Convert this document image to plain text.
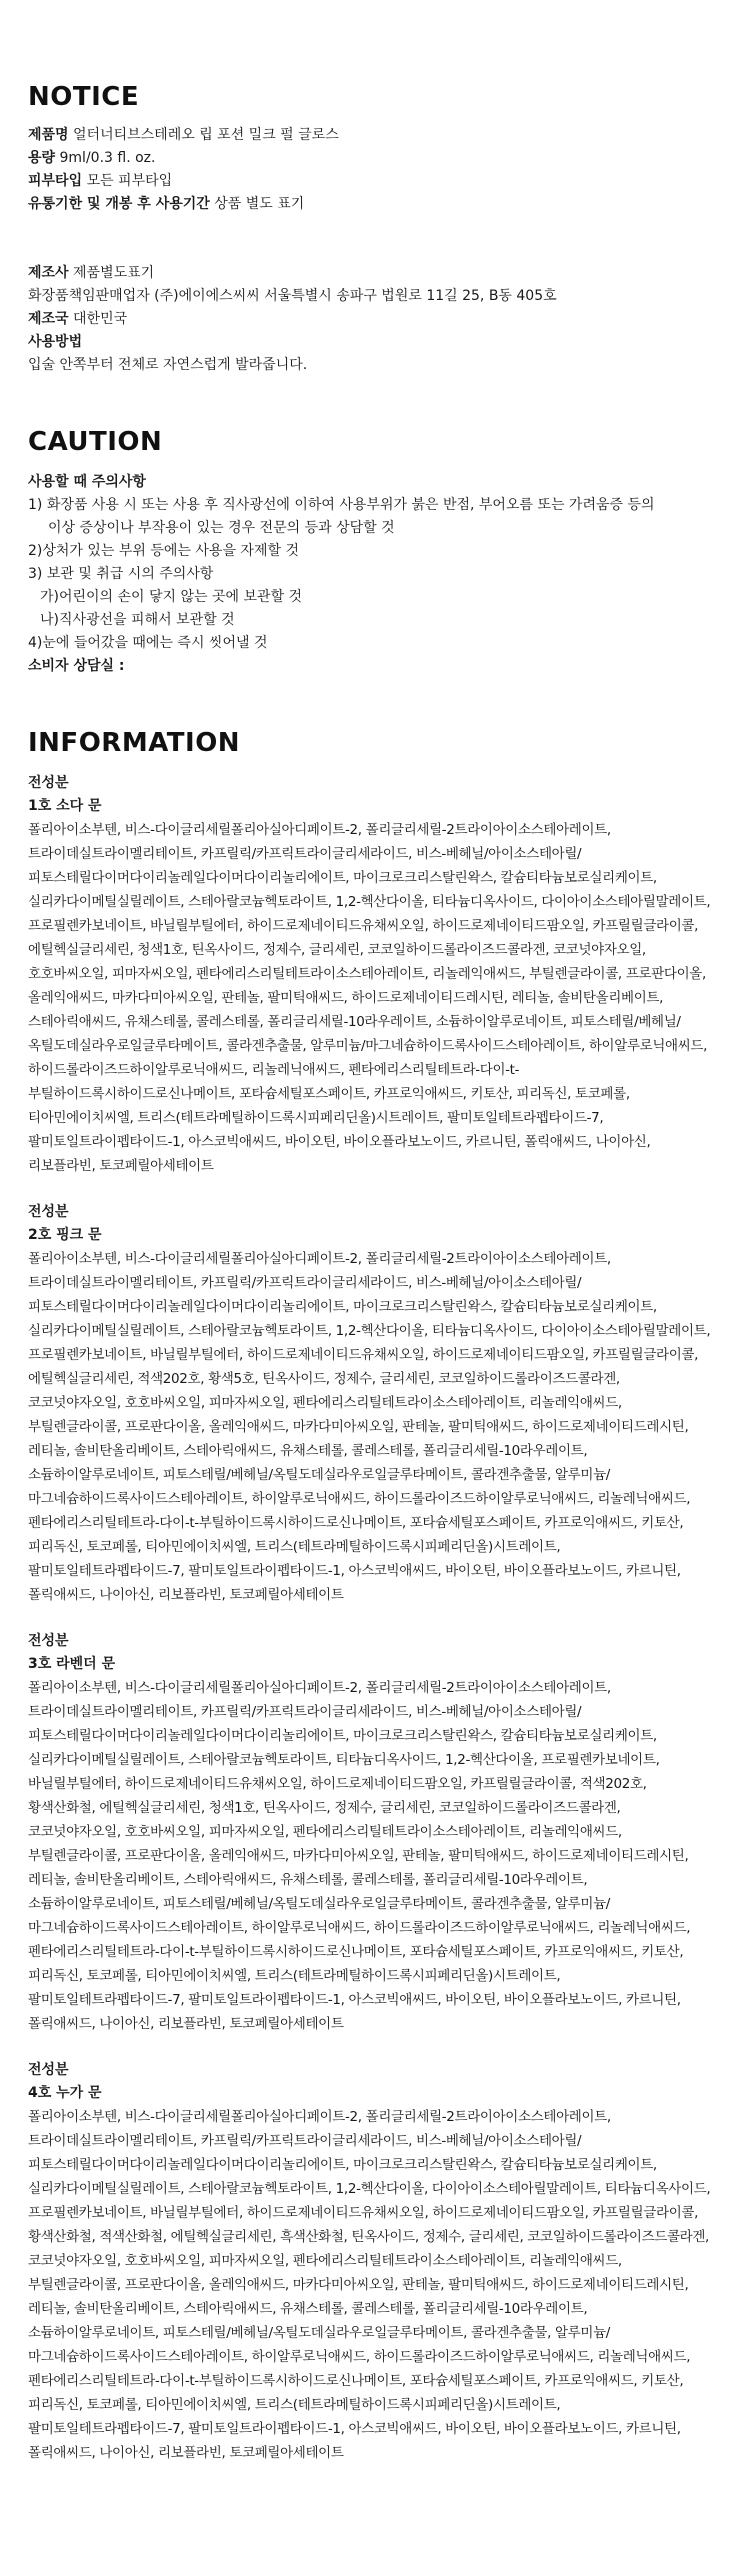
NOTICE
제품명 얼터너티브스테레오 립 포션 밀크 펄 글로스
용량 9ml/0.3 fl. oz.
피부타입 모든 피부타입
유통기한 및 개봉 후 사용기간 상품 별도 표기
제조사 제품별도표기
화장품책임판매업자 (주)에이에스씨씨 서울특별시 송파구 법원로 11길 25, B동 405호
제조국 대한민국
사용방법
입술 안쪽부터 전체로 자연스럽게 발라줍니다.
CAUTION
사용할 때 주의사항
1) 화장품 사용 시 또는 사용 후 직사광선에 이하여 사용부위가 붉은 반점, 부어오름 또는 가려움증 등의
이상 증상이나 부작용이 있는 경우 전문의 등과 상담할 것
2)상처가 있는 부위 등에는 사용을 자제할 것
3) 보관 및 취급 시의 주의사항
가)어린이의 손이 닿지 않는 곳에 보관할 것
나)직사광선을 피해서 보관할 것
4)눈에 들어갔을 때에는 즉시 씻어낼 것
소비자 상담실 :
INFORMATION
전성분
1호 소다 문
폴리아이소부텐, 비스-다이글리세릴폴리아실아디페이트-2, 폴리글리세릴-2트라이아이소스테아레이트, 트라이데실트라이멜리테이트, 카프릴릭/카프릭트라이글리세라이드, 비스-베헤닐/아이소스테아릴/피토스테릴다이머다이리놀레일다이머다이리놀리에이트, 마이크로크리스탈린왁스, 칼슘티타늄보로실리케이트, 실리카다이메틸실릴레이트, 스테아랄코늄헥토라이트, 1,2-헥산다이올, 티타늄디옥사이드, 다이아이소스테아릴말레이트, 프로필렌카보네이트, 바닐릴부틸에터, 하이드로제네이티드유채씨오일, 하이드로제네이티드팜오일, 카프릴릴글라이콜, 에틸헥실글리세린, 청색1호, 틴옥사이드, 정제수, 글리세린, 코코일하이드롤라이즈드콜라겐, 코코넛야자오일, 호호바씨오일, 피마자씨오일, 펜타에리스리틸테트라이소스테아레이트, 리놀레익애씨드, 부틸렌글라이콜, 프로판다이올, 올레익애씨드, 마카다미아씨오일, 판테놀, 팔미틱애씨드, 하이드로제네이티드레시틴, 레티놀, 솔비탄올리베이트, 스테아릭애씨드, 유채스테롤, 콜레스테롤, 폴리글리세릴-10라우레이트, 소듐하이알루로네이트, 피토스테릴/베헤닐/옥틸도데실라우로일글루타메이트, 콜라겐추출물, 알루미늄/마그네슘하이드록사이드스테아레이트, 하이알루로닉애씨드, 하이드롤라이즈드하이알루로닉애씨드, 리놀레닉애씨드, 펜타에리스리틸테트라-다이-t-부틸하이드록시하이드로신나메이트, 포타슘세틸포스페이트, 카프로익애씨드, 키토산, 피리독신, 토코페롤, 티아민에이치씨엘, 트리스(테트라메틸하이드록시피페리딘올)시트레이트, 팔미토일테트라펩타이드-7, 팔미토일트라이펩타이드-1, 아스코빅애씨드, 바이오틴, 바이오플라보노이드, 카르니틴, 폴릭애씨드, 나이아신, 리보플라빈, 토코페릴아세테이트
전성분
2호 핑크 문
폴리아이소부텐, 비스-다이글리세릴폴리아실아디페이트-2, 폴리글리세릴-2트라이아이소스테아레이트, 트라이데실트라이멜리테이트, 카프릴릭/카프릭트라이글리세라이드, 비스-베헤닐/아이소스테아릴/피토스테릴다이머다이리놀레일다이머다이리놀리에이트, 마이크로크리스탈린왁스, 칼슘티타늄보로실리케이트, 실리카다이메틸실릴레이트, 스테아랄코늄헥토라이트, 1,2-헥산다이올, 티타늄디옥사이드, 다이아이소스테아릴말레이트, 프로필렌카보네이트, 바닐릴부틸에터, 하이드로제네이티드유채씨오일, 하이드로제네이티드팜오일, 카프릴릴글라이콜, 에틸헥실글리세린, 적색202호, 황색5호, 틴옥사이드, 정제수, 글리세린, 코코일하이드롤라이즈드콜라겐, 코코넛야자오일, 호호바씨오일, 피마자씨오일, 펜타에리스리틸테트라이소스테아레이트, 리놀레익애씨드, 부틸렌글라이콜, 프로판다이올, 올레익애씨드, 마카다미아씨오일, 판테놀, 팔미틱애씨드, 하이드로제네이티드레시틴, 레티놀, 솔비탄올리베이트, 스테아릭애씨드, 유채스테롤, 콜레스테롤, 폴리글리세릴-10라우레이트, 소듐하이알루로네이트, 피토스테릴/베헤닐/옥틸도데실라우로일글루타메이트, 콜라겐추출물, 알루미늄/마그네슘하이드록사이드스테아레이트, 하이알루로닉애씨드, 하이드롤라이즈드하이알루로닉애씨드, 리놀레닉애씨드, 펜타에리스리틸테트라-다이-t-부틸하이드록시하이드로신나메이트, 포타슘세틸포스페이트, 카프로익애씨드, 키토산, 피리독신, 토코페롤, 티아민에이치씨엘, 트리스(테트라메틸하이드록시피페리딘올)시트레이트, 팔미토일테트라펩타이드-7, 팔미토일트라이펩타이드-1, 아스코빅애씨드, 바이오틴, 바이오플라보노이드, 카르니틴, 폴릭애씨드, 나이아신, 리보플라빈, 토코페릴아세테이트
전성분
3호 라벤더 문
폴리아이소부텐, 비스-다이글리세릴폴리아실아디페이트-2, 폴리글리세릴-2트라이아이소스테아레이트, 트라이데실트라이멜리테이트, 카프릴릭/카프릭트라이글리세라이드, 비스-베헤닐/아이소스테아릴/피토스테릴다이머다이리놀레일다이머다이리놀리에이트, 마이크로크리스탈린왁스, 칼슘티타늄보로실리케이트, 실리카다이메틸실릴레이트, 스테아랄코늄헥토라이트, 티타늄디옥사이드, 1,2-헥산다이올, 프로필렌카보네이트, 바닐릴부틸에터, 하이드로제네이티드유채씨오일, 하이드로제네이티드팜오일, 카프릴릴글라이콜, 적색202호, 황색산화철, 에틸헥실글리세린, 청색1호, 틴옥사이드, 정제수, 글리세린, 코코일하이드롤라이즈드콜라겐, 코코넛야자오일, 호호바씨오일, 피마자씨오일, 펜타에리스리틸테트라이소스테아레이트, 리놀레익애씨드, 부틸렌글라이콜, 프로판다이올, 올레익애씨드, 마카다미아씨오일, 판테놀, 팔미틱애씨드, 하이드로제네이티드레시틴, 레티놀, 솔비탄올리베이트, 스테아릭애씨드, 유채스테롤, 콜레스테롤, 폴리글리세릴-10라우레이트, 소듐하이알루로네이트, 피토스테릴/베헤닐/옥틸도데실라우로일글루타메이트, 콜라겐추출물, 알루미늄/마그네슘하이드록사이드스테아레이트, 하이알루로닉애씨드, 하이드롤라이즈드하이알루로닉애씨드, 리놀레닉애씨드, 펜타에리스리틸테트라-다이-t-부틸하이드록시하이드로신나메이트, 포타슘세틸포스페이트, 카프로익애씨드, 키토산, 피리독신, 토코페롤, 티아민에이치씨엘, 트리스(테트라메틸하이드록시피페리딘올)시트레이트, 팔미토일테트라펩타이드-7, 팔미토일트라이펩타이드-1, 아스코빅애씨드, 바이오틴, 바이오플라보노이드, 카르니틴, 폴릭애씨드, 나이아신, 리보플라빈, 토코페릴아세테이트
전성분
4호 누가 문
폴리아이소부텐, 비스-다이글리세릴폴리아실아디페이트-2, 폴리글리세릴-2트라이아이소스테아레이트, 트라이데실트라이멜리테이트, 카프릴릭/카프릭트라이글리세라이드, 비스-베헤닐/아이소스테아릴/피토스테릴다이머다이리놀레일다이머다이리놀리에이트, 마이크로크리스탈린왁스, 칼슘티타늄보로실리케이트, 실리카다이메틸실릴레이트, 스테아랄코늄헥토라이트, 1,2-헥산다이올, 다이아이소스테아릴말레이트, 티타늄디옥사이드, 프로필렌카보네이트, 바닐릴부틸에터, 하이드로제네이티드유채씨오일, 하이드로제네이티드팜오일, 카프릴릴글라이콜, 황색산화철, 적색산화철, 에틸헥실글리세린, 흑색산화철, 틴옥사이드, 정제수, 글리세린, 코코일하이드롤라이즈드콜라겐, 코코넛야자오일, 호호바씨오일, 피마자씨오일, 펜타에리스리틸테트라이소스테아레이트, 리놀레익애씨드, 부틸렌글라이콜, 프로판다이올, 올레익애씨드, 마카다미아씨오일, 판테놀, 팔미틱애씨드, 하이드로제네이티드레시틴, 레티놀, 솔비탄올리베이트, 스테아릭애씨드, 유채스테롤, 콜레스테롤, 폴리글리세릴-10라우레이트, 소듐하이알루로네이트, 피토스테릴/베헤닐/옥틸도데실라우로일글루타메이트, 콜라겐추출물, 알루미늄/마그네슘하이드록사이드스테아레이트, 하이알루로닉애씨드, 하이드롤라이즈드하이알루로닉애씨드, 리놀레닉애씨드, 펜타에리스리틸테트라-다이-t-부틸하이드록시하이드로신나메이트, 포타슘세틸포스페이트, 카프로익애씨드, 키토산, 피리독신, 토코페롤, 티아민에이치씨엘, 트리스(테트라메틸하이드록시피페리딘올)시트레이트, 팔미토일테트라펩타이드-7, 팔미토일트라이펩타이드-1, 아스코빅애씨드, 바이오틴, 바이오플라보노이드, 카르니틴, 폴릭애씨드, 나이아신, 리보플라빈, 토코페릴아세테이트
